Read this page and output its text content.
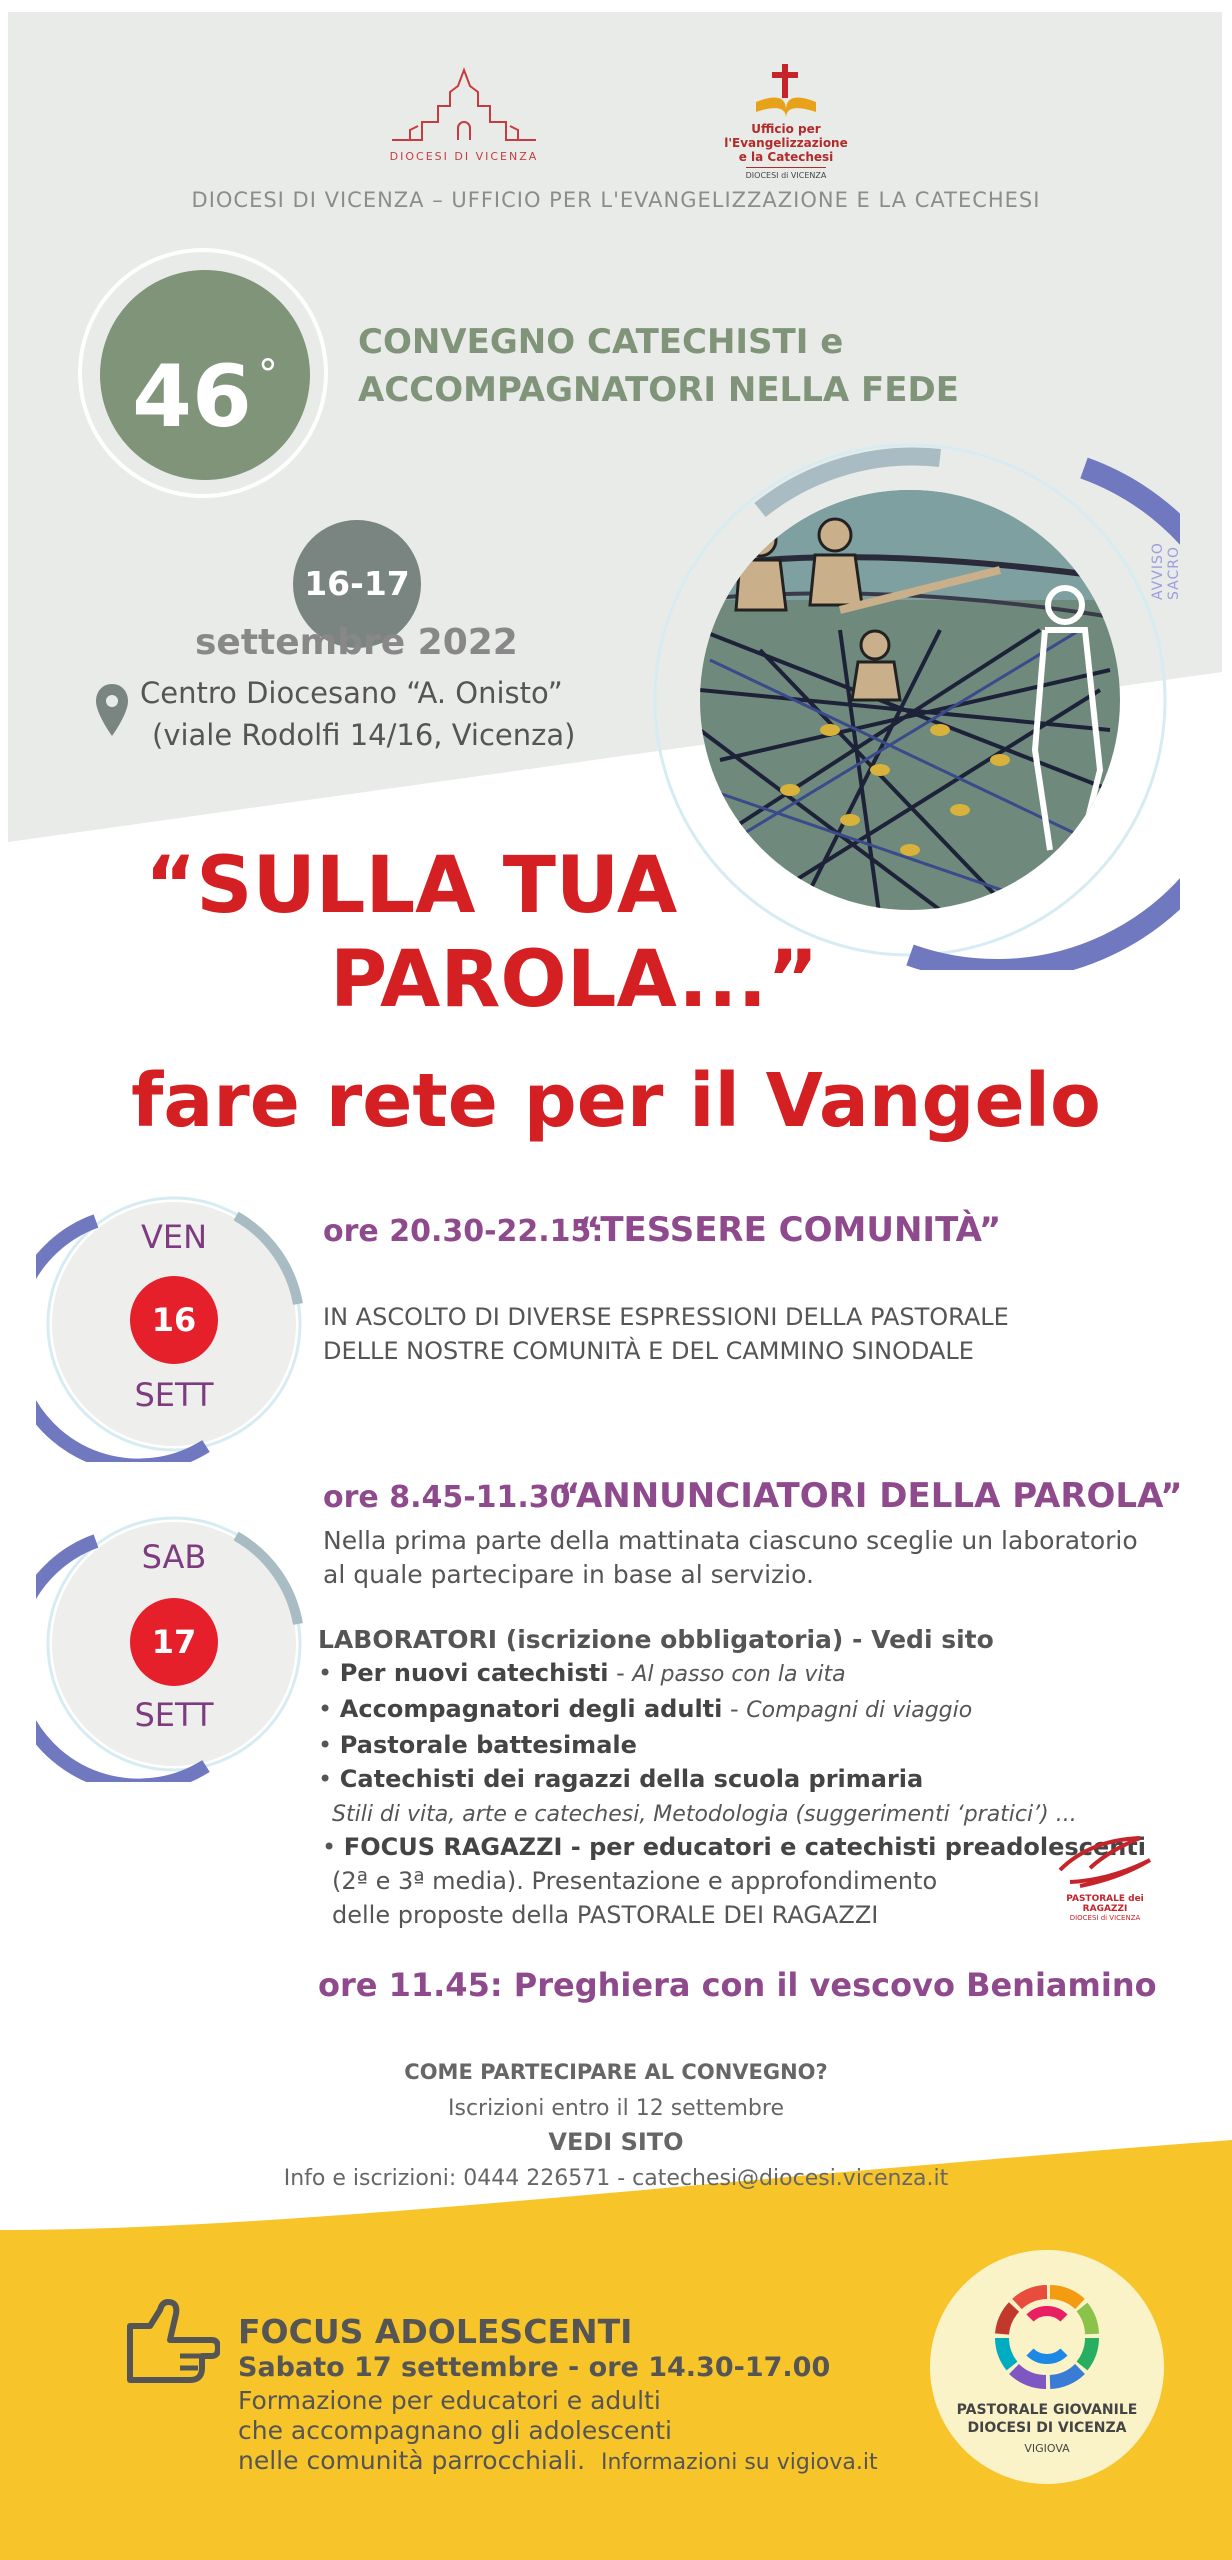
DIOCESI DI VICENZA
Ufficio per l'Evangelizzazione
e la Catechesi
DIOCESI di VICENZA
DIOCESI DI VICENZA – UFFICIO PER L'EVANGELIZZAZIONE E LA CATECHESI
46 °
CONVEGNO CATECHISTI e
ACCOMPAGNATORI NELLA FEDE
16-17
settembre 2022
Centro Diocesano “A. Onisto”
(viale Rodolfi 14/16, Vicenza)
AVVISO SACRO
“SULLA TUA
PAROLA...”
fare rete per il Vangelo
VEN
16
SETT
ore 20.30-22.15:
“TESSERE COMUNITÀ”
IN ASCOLTO DI DIVERSE ESPRESSIONI DELLA PASTORALE
DELLE NOSTRE COMUNITÀ E DEL CAMMINO SINODALE
SAB
17
SETT
ore 8.45-11.30
“ANNUNCIATORI DELLA PAROLA”
Nella prima parte della mattinata ciascuno sceglie un laboratorio
al quale partecipare in base al servizio.
LABORATORI (iscrizione obbligatoria) - Vedi sito
• Per nuovi catechisti - Al passo con la vita
• Accompagnatori degli adulti - Compagni di viaggio
• Pastorale battesimale
• Catechisti dei ragazzi della scuola primaria
Stili di vita, arte e catechesi, Metodologia (suggerimenti ‘pratici’) ...
• FOCUS RAGAZZI - per educatori e catechisti preadolescenti
(2ª e 3ª media). Presentazione e approfondimento
delle proposte della PASTORALE DEI RAGAZZI
PASTORALE dei RAGAZZI
DIOCESI di VICENZA
ore 11.45: Preghiera con il vescovo Beniamino
COME PARTECIPARE AL CONVEGNO?
Iscrizioni entro il 12 settembre
VEDI SITO
Info e iscrizioni: 0444 226571 - catechesi@diocesi.vicenza.it
FOCUS ADOLESCENTI
Sabato 17 settembre - ore 14.30-17.00
Formazione per educatori e adulti
che accompagnano gli adolescenti
nelle comunità parrocchiali. Informazioni su vigiova.it
PASTORALE GIOVANILE
DIOCESI DI VICENZA
VIGIOVA
